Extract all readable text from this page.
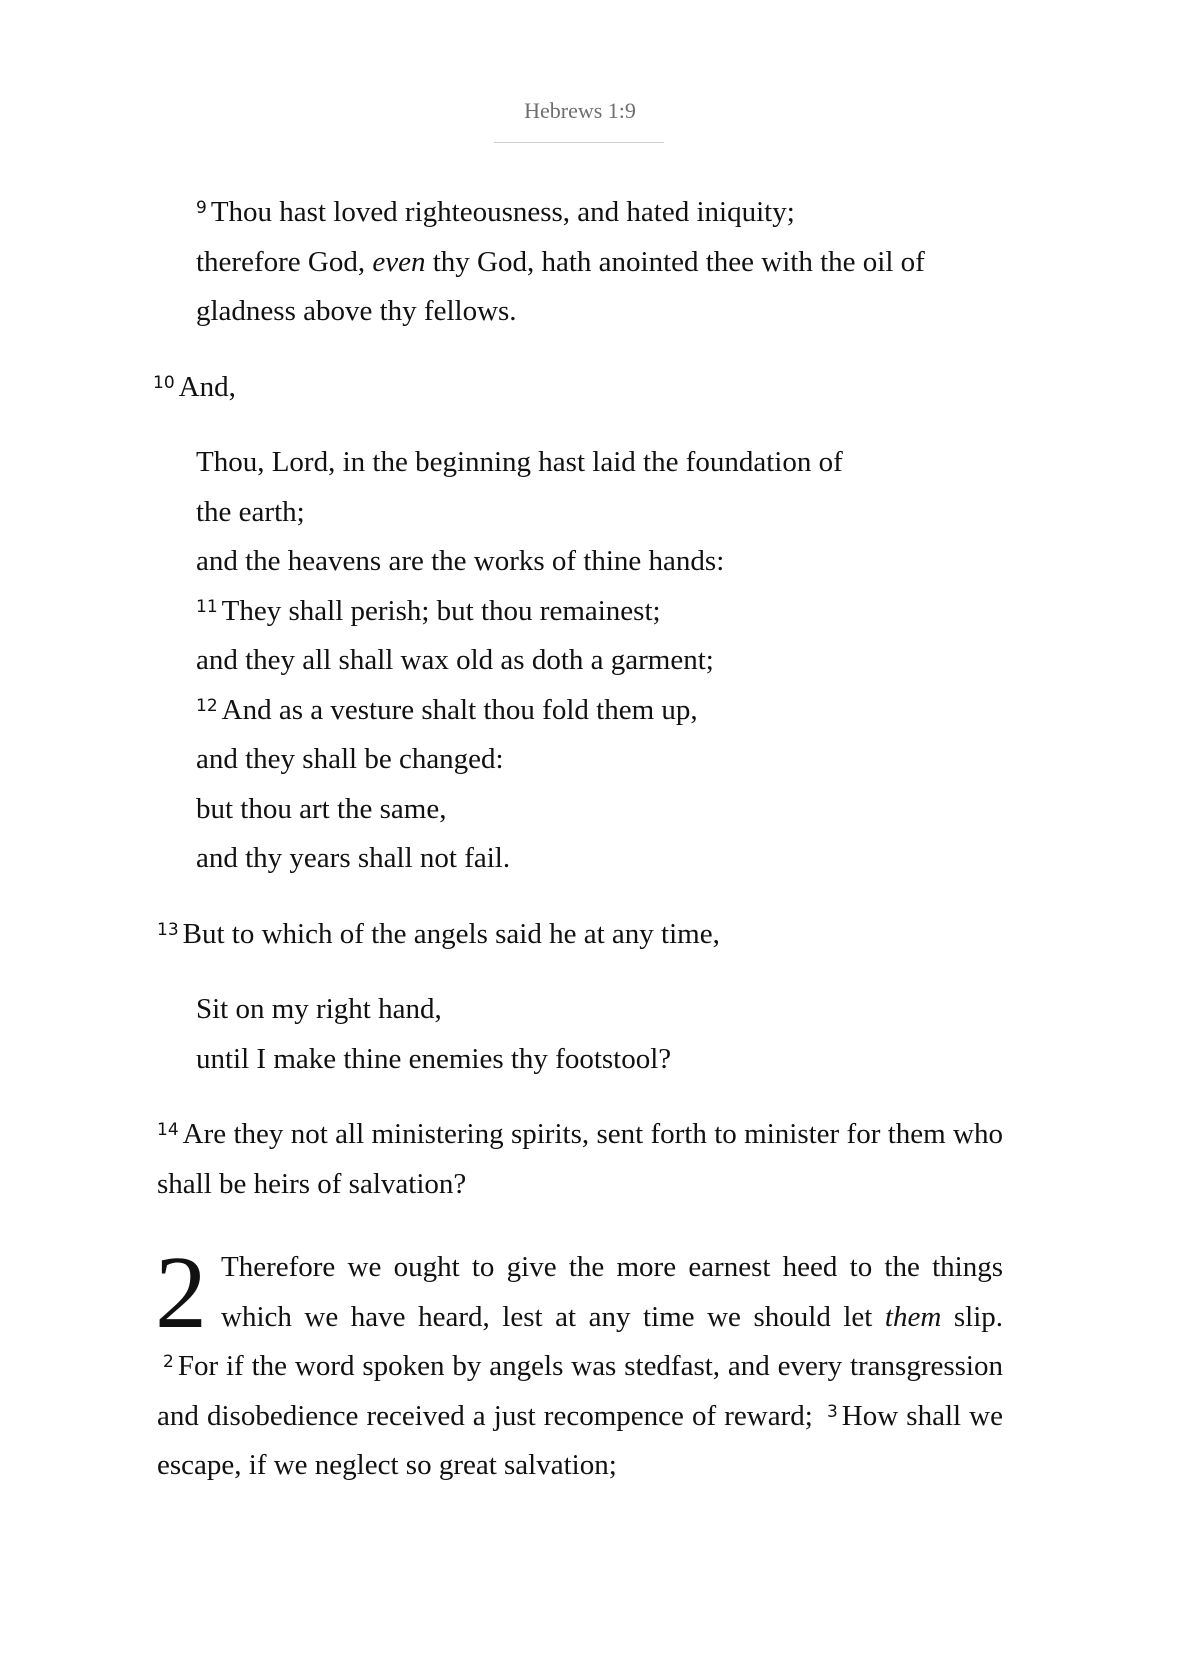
Hebrews 1:9
$^9$ Thou hast loved righteousness, and hated iniquity;
therefore God, even thy God, hath anointed thee with the oil of
gladness above thy fellows.

$^{10}$ And,

Thou, Lord, in the beginning hast laid the foundation of
the earth;
and the heavens are the works of thine hands:
$^{11}$ They shall perish; but thou remainest;
and they all shall wax old as doth a garment;
$^{12}$ And as a vesture shalt thou fold them up,
and they shall be changed:
but thou art the same,
and thy years shall not fail.

$^{13}$ But to which of the angels said he at any time,

Sit on my right hand,
until I make thine enemies thy footstool?

$^{14}$ Are they not all ministering spirits, sent forth to minister for them who shall be heirs of salvation?

2 Therefore we ought to give the more earnest heed to the things which we have heard, lest at any time we should let them slip. $^2$ For if the word spoken by angels was stedfast, and every transgression and disobedience received a just recompence of reward; $^3$ How shall we escape, if we neglect so great salvation;
